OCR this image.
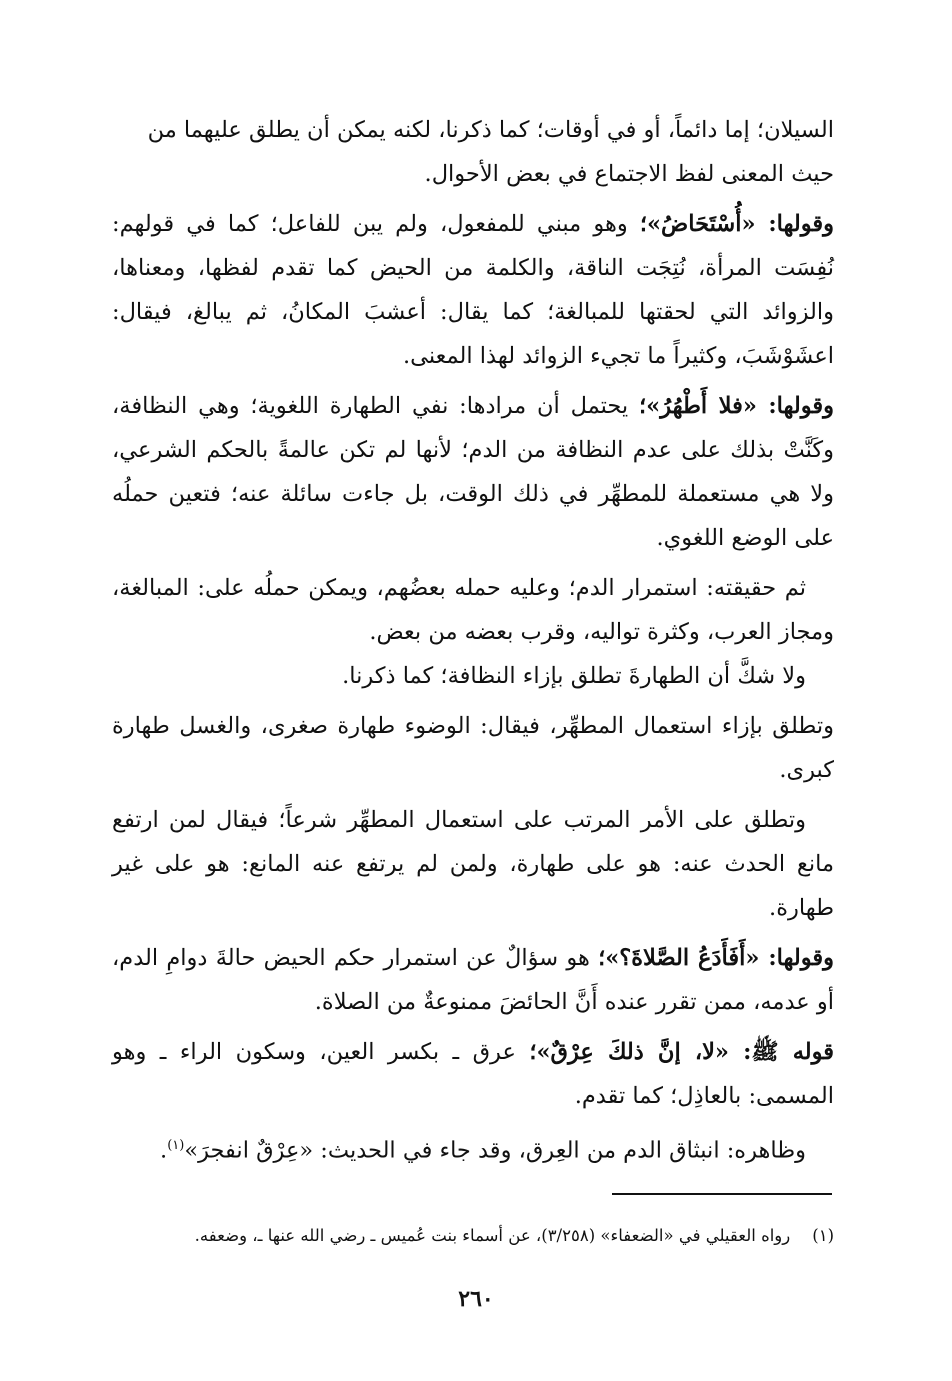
السيلان؛ إما دائماً، أو في أوقات؛ كما ذكرنا، لكنه يمكن أن يطلق عليهما من
حيث المعنى لفظ الاجتماع في بعض الأحوال.

وقولها: «أُسْتَحَاضُ»؛ وهو مبني للمفعول، ولم يبن للفاعل؛ كما في قولهم: نُفِسَت المرأة، نُتِجَت الناقة، والكلمة من الحيض كما تقدم لفظها، ومعناها، والزوائد التي لحقتها للمبالغة؛ كما يقال: أعشبَ المكانُ، ثم يبالغ، فيقال: اعشَوْشَبَ، وكثيراً ما تجيء الزوائد لهذا المعنى.

وقولها: «فلا أَطْهُرُ»؛ يحتمل أن مرادها: نفي الطهارة اللغوية؛ وهي النظافة، وكَنَّتْ بذلك على عدم النظافة من الدم؛ لأنها لم تكن عالمةً بالحكم الشرعي، ولا هي مستعملة للمطهِّر في ذلك الوقت، بل جاءت سائلة عنه؛ فتعين حملُه على الوضع اللغوي.

ثم حقيقته: استمرار الدم؛ وعليه حمله بعضُهم، ويمكن حملُه على: المبالغة، ومجاز العرب، وكثرة تواليه، وقرب بعضه من بعض.

ولا شكَّ أن الطهارةَ تطلق بإزاء النظافة؛ كما ذكرنا.

وتطلق بإزاء استعمال المطهِّر، فيقال: الوضوء طهارة صغرى، والغسل طهارة كبرى.

وتطلق على الأمر المرتب على استعمال المطهِّر شرعاً؛ فيقال لمن ارتفع مانع الحدث عنه: هو على طهارة، ولمن لم يرتفع عنه المانع: هو على غير طهارة.

وقولها: «أَفَأَدَعُ الصَّلاةَ؟»؛ هو سؤالٌ عن استمرار حكم الحيض حالةَ دوامِ الدم، أو عدمه، ممن تقرر عنده أَنَّ الحائضَ ممنوعةٌ من الصلاة.

قوله ﷺ: «لا، إنَّ ذلكَ عِرْقٌ»؛ عرق ـ بكسر العين، وسكون الراء ـ وهو المسمى: بالعاذِل؛ كما تقدم.

وظاهره: انبثاق الدم من العِرق، وقد جاء في الحديث: «عِرْقٌ انفجرَ»$^{(١)}$.

(١)رواه العقيلي في «الضعفاء» (٣/٢٥٨)، عن أسماء بنت عُميس ـ رضي الله عنها ـ، وضعفه.
٢٦٠
